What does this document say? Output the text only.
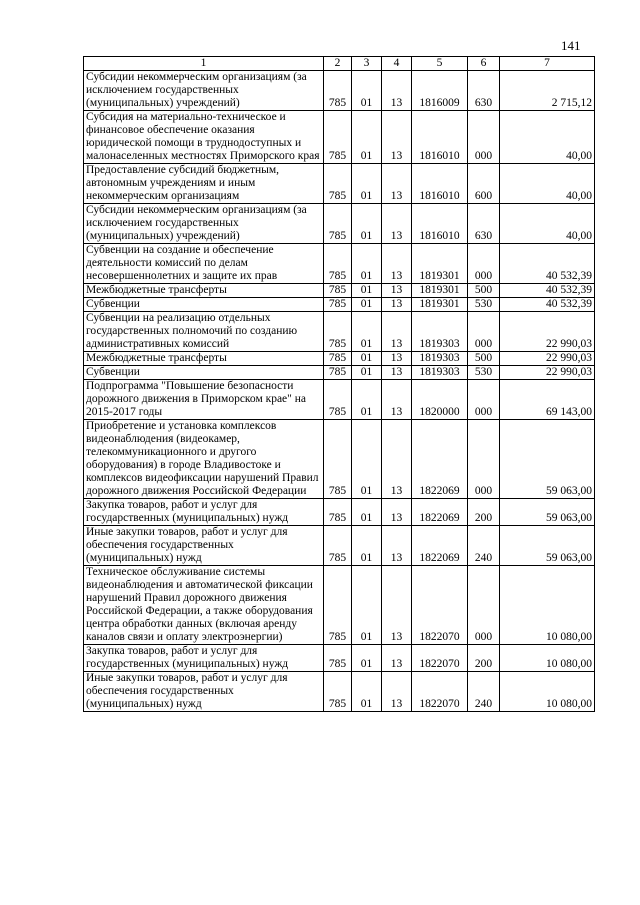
141
1	2	3	4	5	6	7
Субсидии некоммерческим организациям (за исключением государственных (муниципальных) учреждений)	785	01	13	1816009	630	2 715,12
Субсидия на материально-техническое и финансовое обеспечение оказания юридической помощи в труднодоступных и малонаселенных местностях Приморского края	785	01	13	1816010	000	40,00
Предоставление субсидий бюджетным, автономным учреждениям и иным некоммерческим организациям	785	01	13	1816010	600	40,00
Субсидии некоммерческим организациям (за исключением государственных (муниципальных) учреждений)	785	01	13	1816010	630	40,00
Субвенции на создание и обеспечение деятельности комиссий по делам несовершеннолетних и защите их прав	785	01	13	1819301	000	40 532,39
Межбюджетные трансферты	785	01	13	1819301	500	40 532,39
Субвенции	785	01	13	1819301	530	40 532,39
Субвенции на реализацию отдельных государственных полномочий по созданию административных комиссий	785	01	13	1819303	000	22 990,03
Межбюджетные трансферты	785	01	13	1819303	500	22 990,03
Субвенции	785	01	13	1819303	530	22 990,03
Подпрограмма "Повышение безопасности дорожного движения в Приморском крае" на 2015-2017 годы	785	01	13	1820000	000	69 143,00
Приобретение и установка комплексов видеонаблюдения (видеокамер, телекоммуникационного и другого оборудования) в городе Владивостоке и комплексов видеофиксации нарушений Правил дорожного движения Российской Федерации	785	01	13	1822069	000	59 063,00
Закупка товаров, работ и услуг для государственных (муниципальных) нужд	785	01	13	1822069	200	59 063,00
Иные закупки товаров, работ и услуг для обеспечения государственных (муниципальных) нужд	785	01	13	1822069	240	59 063,00
Техническое обслуживание системы видеонаблюдения и автоматической фиксации нарушений Правил дорожного движения Российской Федерации, а также оборудования центра обработки данных (включая аренду каналов связи и оплату электроэнергии)	785	01	13	1822070	000	10 080,00
Закупка товаров, работ и услуг для государственных (муниципальных) нужд	785	01	13	1822070	200	10 080,00
Иные закупки товаров, работ и услуг для обеспечения государственных (муниципальных) нужд	785	01	13	1822070	240	10 080,00
